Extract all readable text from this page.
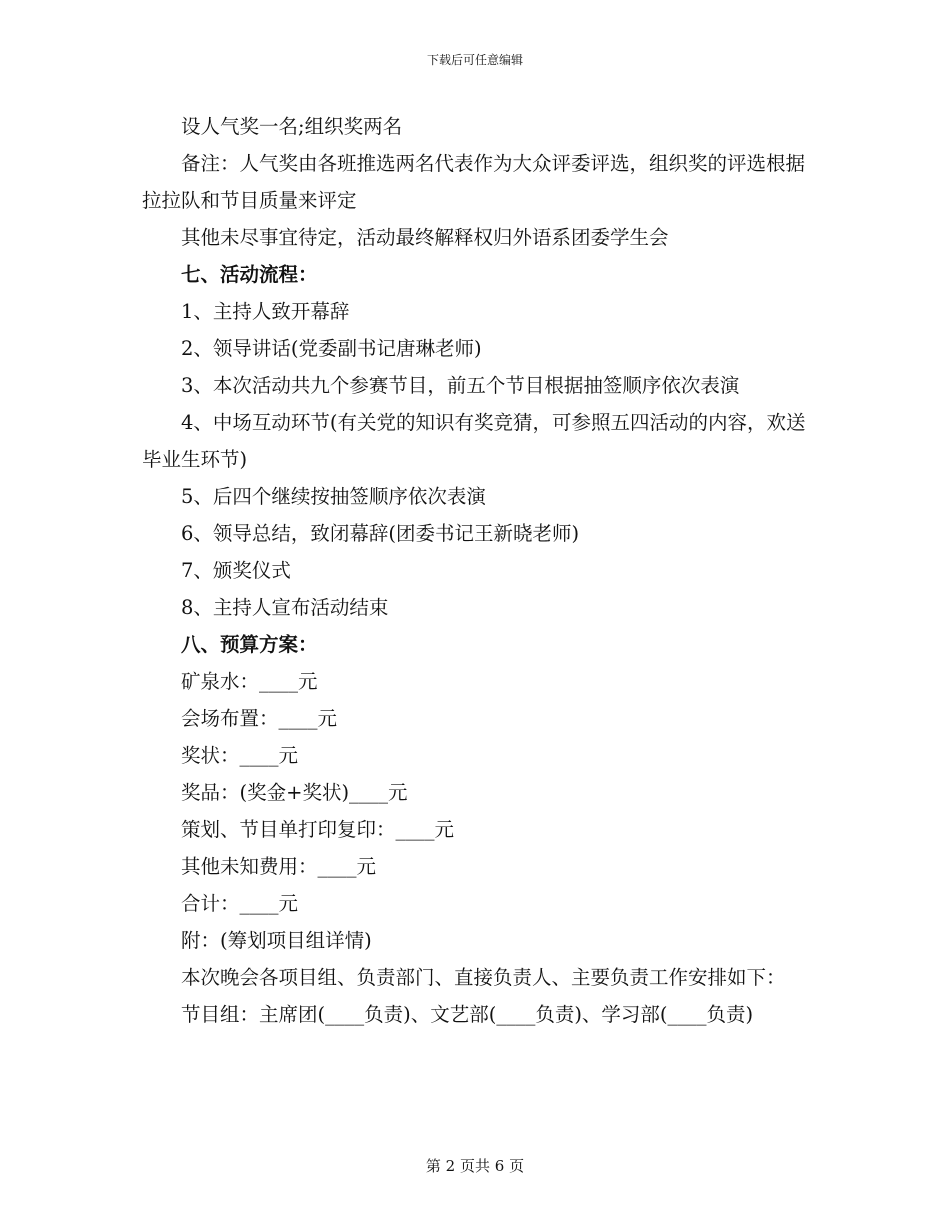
下载后可任意编辑

设人气奖一名;组织奖两名

备注：人气奖由各班推选两名代表作为大众评委评选，组织奖的评选根据拉拉队和节目质量来评定

其他未尽事宜待定，活动最终解释权归外语系团委学生会

七、活动流程：

1、主持人致开幕辞

2、领导讲话(党委副书记唐琳老师)

3、本次活动共九个参赛节目，前五个节目根据抽签顺序依次表演

4、中场互动环节(有关党的知识有奖竞猜，可参照五四活动的内容，欢送毕业生环节)

5、后四个继续按抽签顺序依次表演

6、领导总结，致闭幕辞(团委书记王新晓老师)

7、颁奖仪式

8、主持人宣布活动结束

八、预算方案：

矿泉水：____元

会场布置：____元

奖状：____元

奖品：(奖金+奖状)____元

策划、节目单打印复印：____元

其他未知费用：____元

合计：____元

附：(筹划项目组详情)

本次晚会各项目组、负责部门、直接负责人、主要负责工作安排如下：

节目组：主席团(____负责)、文艺部(____负责)、学习部(____负责)

第 2 页共 6 页
